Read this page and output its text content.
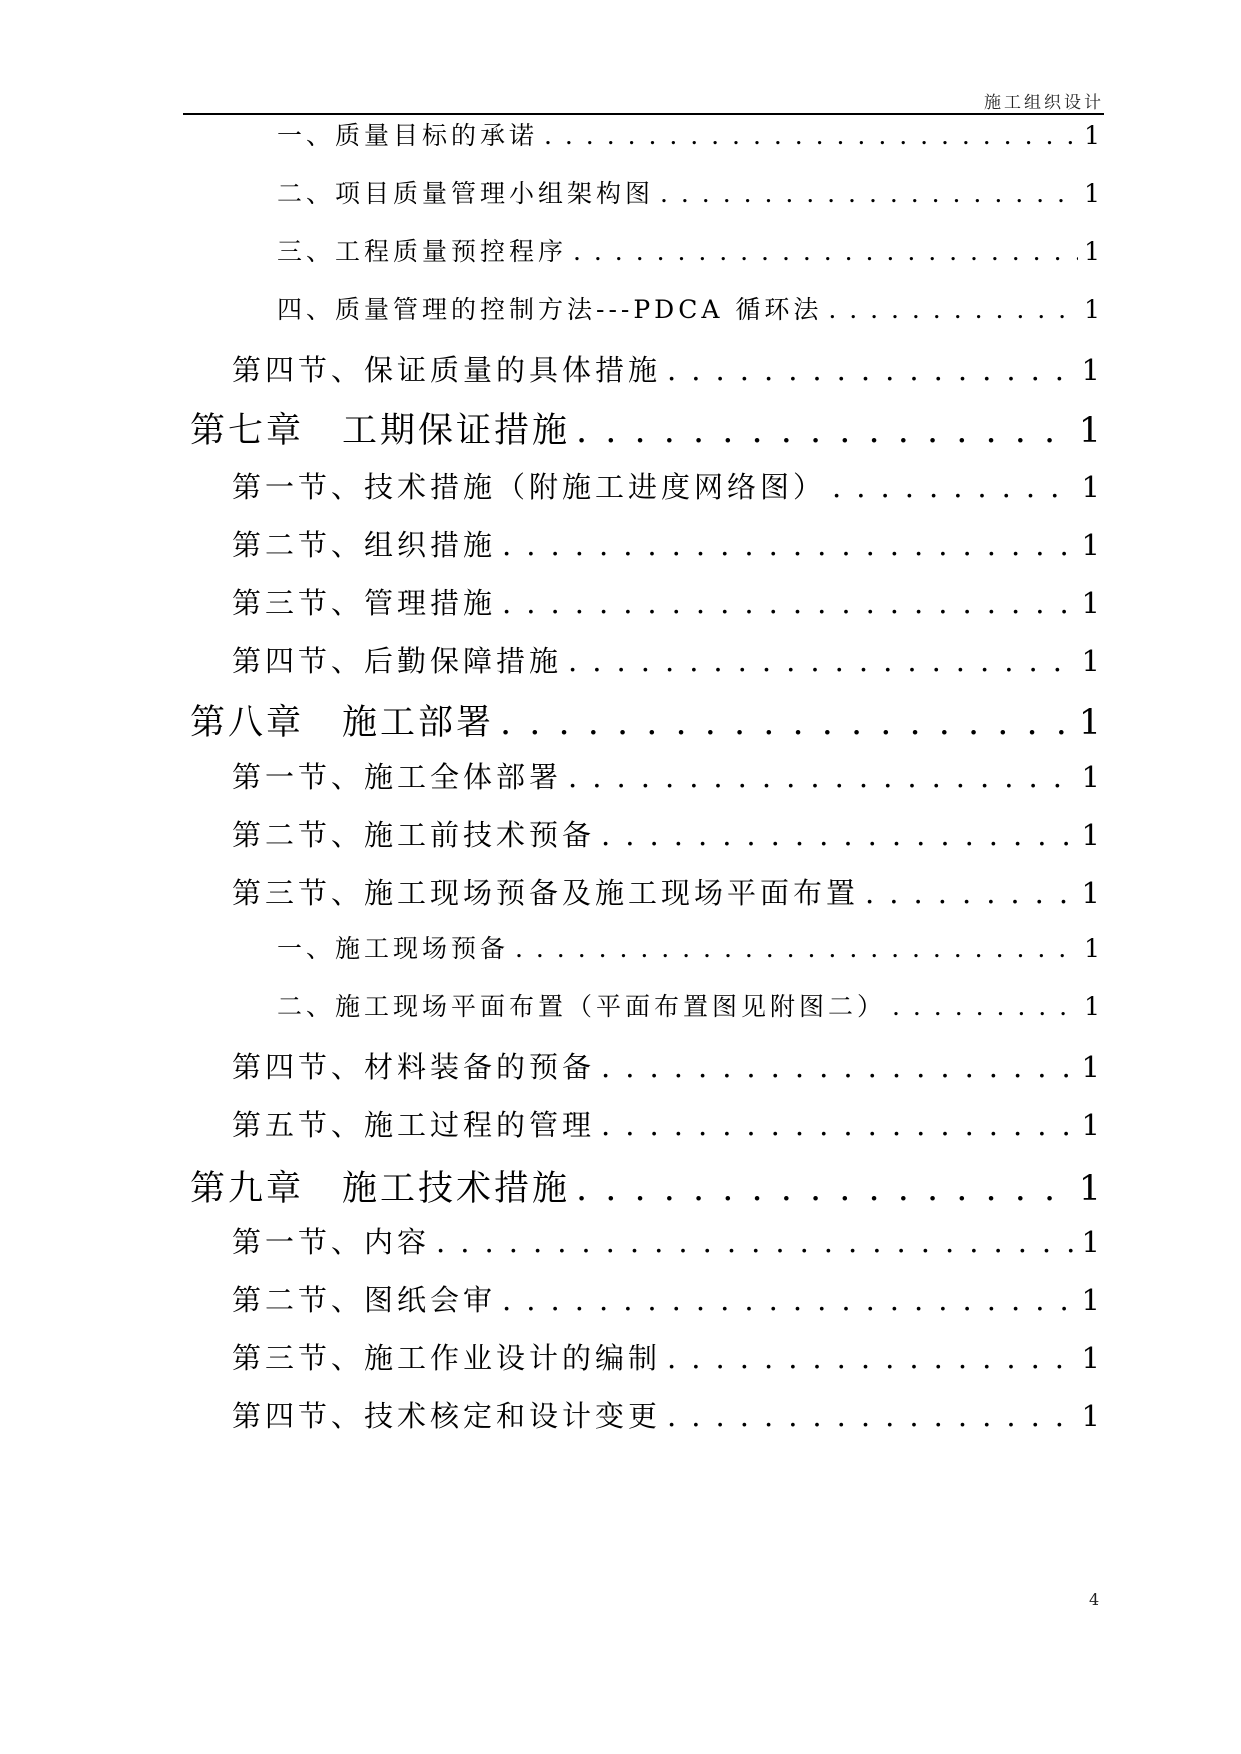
施工组织设计
一、质量目标的承诺 . . .	1
二、项目质量管理小组架构图 . . .	1
三、工程质量预控程序 . . .	1
四、质量管理的控制方法---PDCA 循环法 . . .	1
第四节、保证质量的具体措施 . . .	1
第七章　工期保证措施 . . .	1
第一节、技术措施（附施工进度网络图） . . .	1
第二节、组织措施 . . .	1
第三节、管理措施 . . .	1
第四节、后勤保障措施 . . .	1
第八章　施工部署 . . .	1
第一节、施工全体部署 . . .	1
第二节、施工前技术预备 . . .	1
第三节、施工现场预备及施工现场平面布置 . . .	1
一、施工现场预备 . . .	1
二、施工现场平面布置（平面布置图见附图二） . . .	1
第四节、材料装备的预备 . . .	1
第五节、施工过程的管理 . . .	1
第九章　施工技术措施 . . .	1
第一节、内容 . . .	1
第二节、图纸会审 . . .	1
第三节、施工作业设计的编制 . . .	1
第四节、技术核定和设计变更 . . .	1
4
